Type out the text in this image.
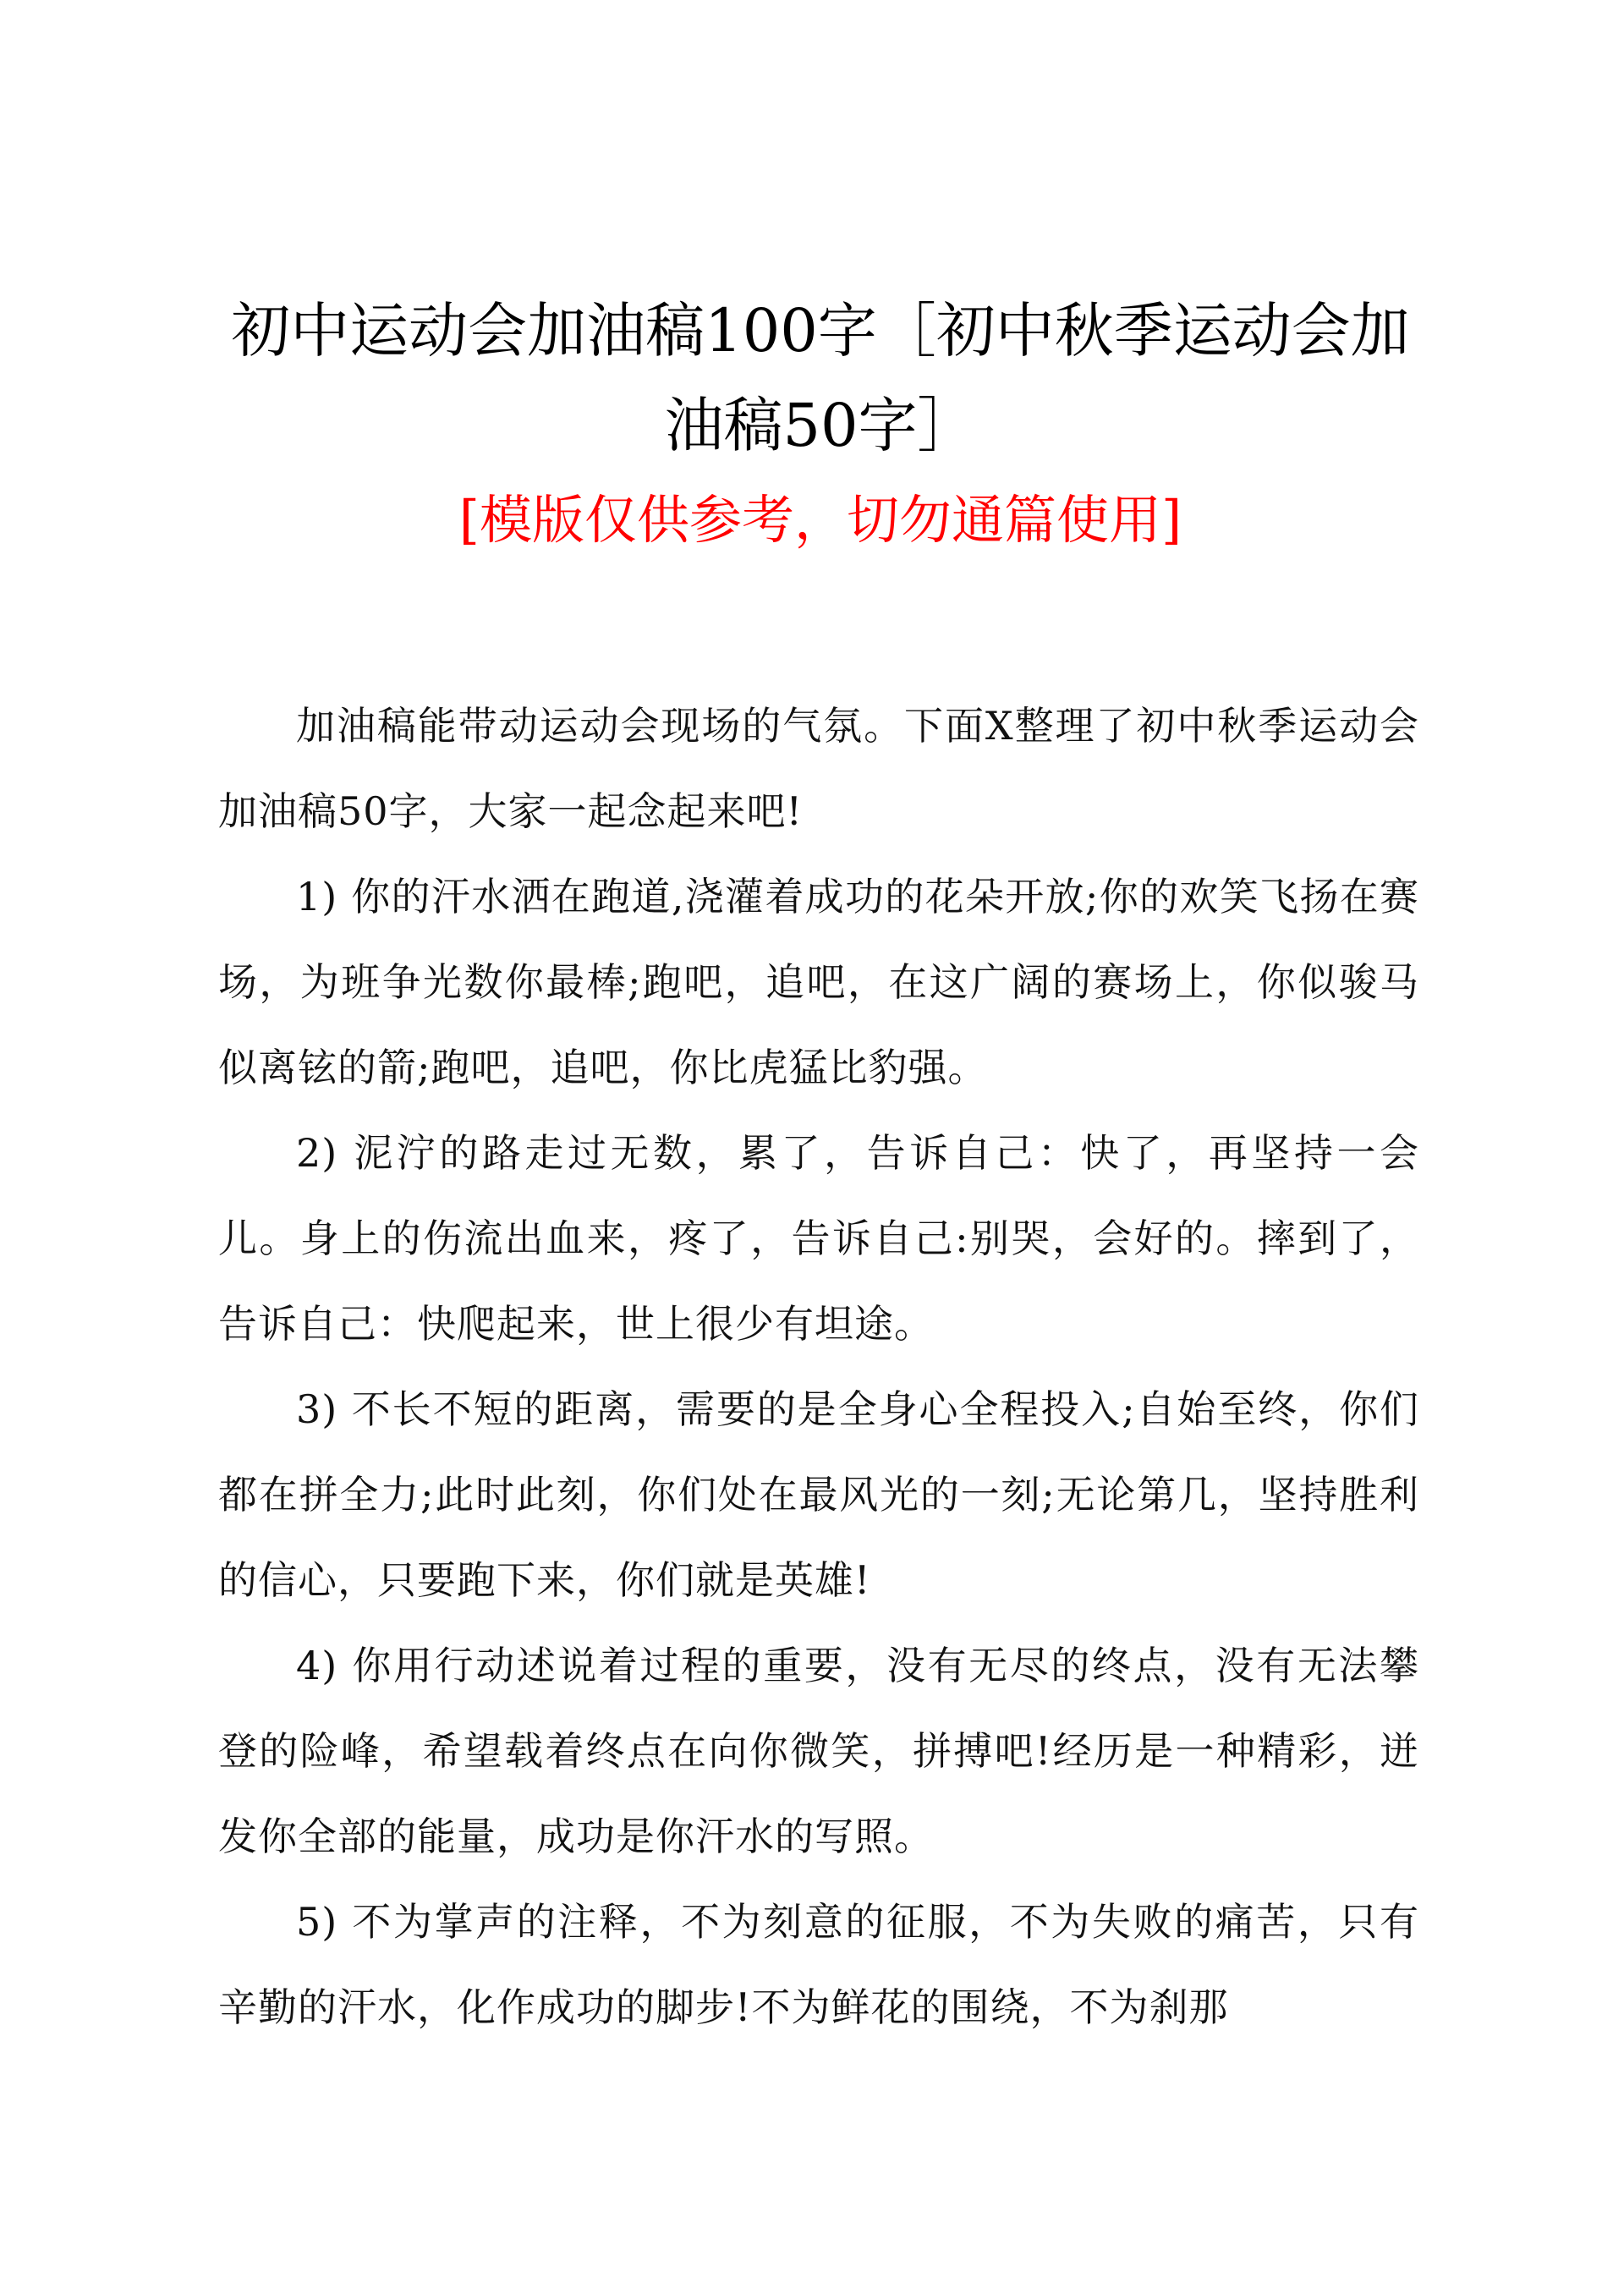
初中运动会加油稿100字［初中秋季运动会加油稿50字］
[模版仅供参考，切勿通篇使用]

加油稿能带动运动会现场的气氛。下面X整理了初中秋季运动会加油稿50字，大家一起念起来吧!

1) 你的汗水洒在跑道,浇灌着成功的花朵开放;你的欢笑飞扬在赛场，为班争光数你最棒;跑吧，追吧，在这广阔的赛场上，你似骏马似离铉的箭;跑吧，追吧，你比虎猛比豹强。

2) 泥泞的路走过无数，累了，告诉自己：快了，再坚持一会儿。身上的伤流出血来，疼了，告诉自己:别哭，会好的。摔到了，告诉自己：快爬起来，世上很少有坦途。

3) 不长不短的距离，需要的是全身心全程投入;自始至终，你们都在拼全力;此时此刻，你们处在最风光的一刻;无论第几，坚持胜利的信心，只要跑下来，你们就是英雄!

4) 你用行动述说着过程的重要，没有无尽的终点，没有无法攀登的险峰，希望载着终点在向你微笑，拼搏吧!经历是一种精彩，迸发你全部的能量，成功是你汗水的写照。

5) 不为掌声的注释，不为刻意的征服，不为失败的痛苦，只有辛勤的汗水，化作成功的脚步!不为鲜花的围绕，不为刹那
